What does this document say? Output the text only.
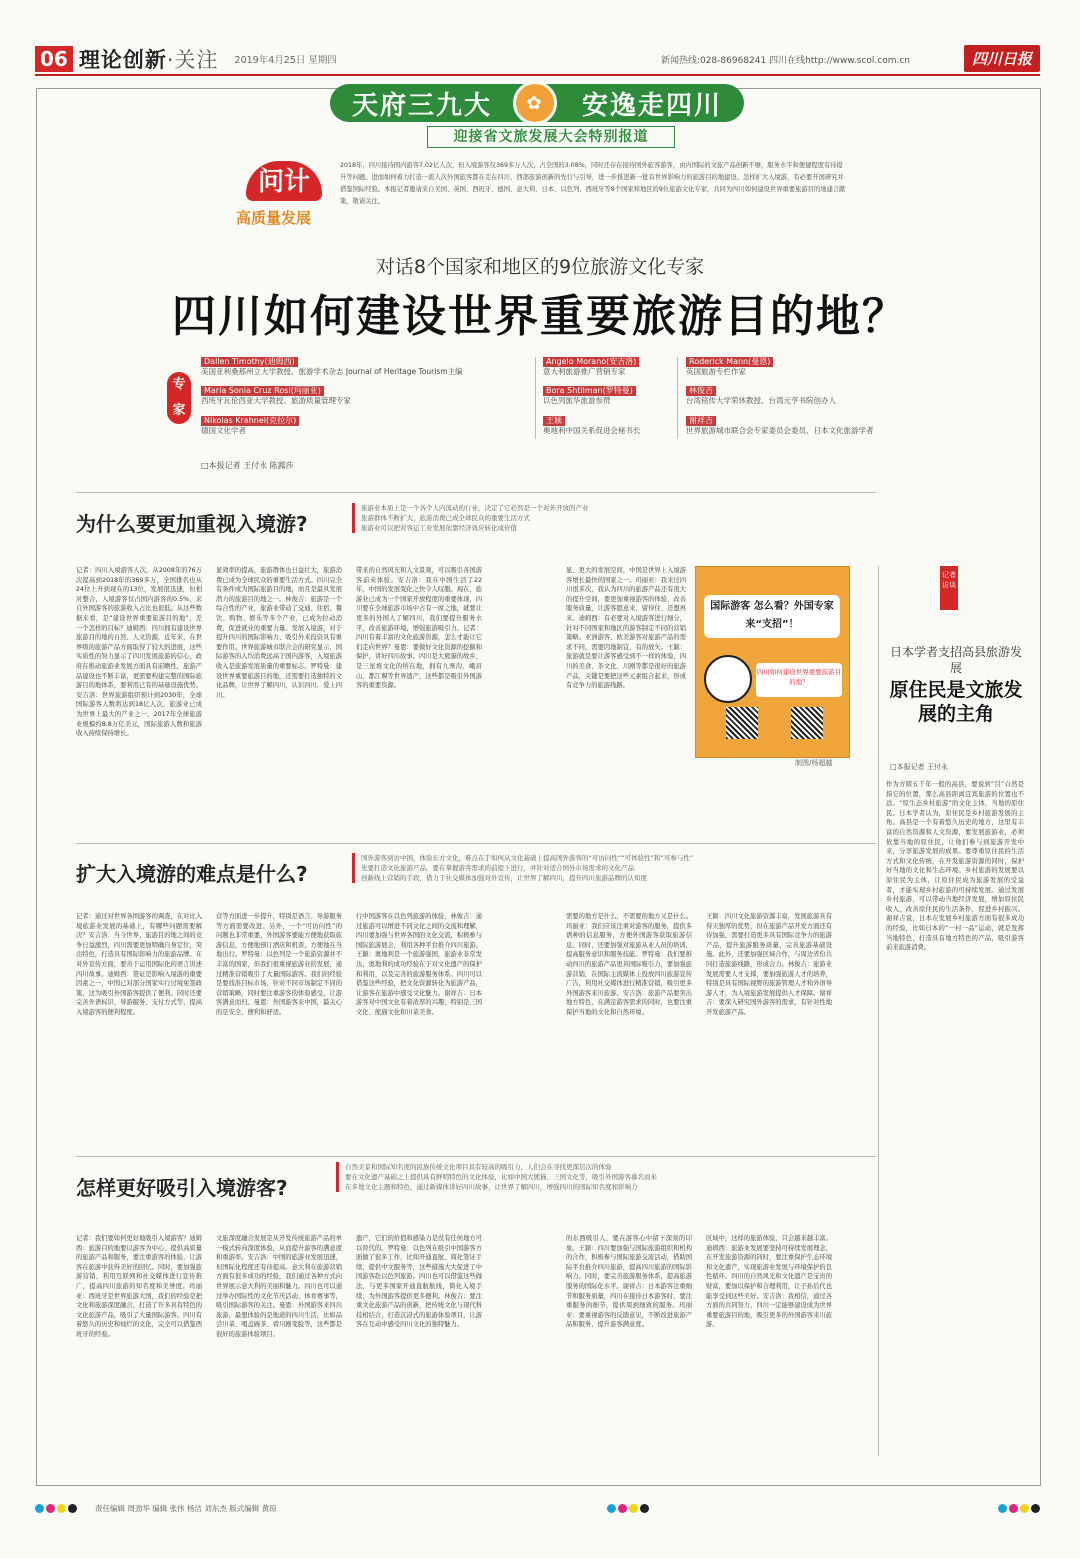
06 理论创新·关注 2019年4月25日 星期四	新闻热线:028-86968241 四川在线http://www.scol.com.cn	四川日报
天府三九大	✿	安逸走四川
迎接省文旅发展大会特别报道
问计
高质量发展
2018年，四川接待国内游客7.02亿人次，但入境游客仅369多万人次，占全国的3.08%，同时还存在接待国外旅客游客，由内国际的文旅产品创新不够，服务水平和便捷程度有待提升等问题。进而如何着力打造一流人次外国旅客都在走在四川、西部旅游创新的先行与引导，进一步推进新一批有世界影响力的旅游目的地建设。怎样扩大入境游，有必要开展研究并借鉴国际经验。本报记者邀请来自美国、英国、西班牙、德国、意大利、日本、以色列、西班牙等8个国家和地区的9位旅游文化专家，共同为四川如何建设世界重要旅游目的地建言献策，敬请关注。
对话8个国家和地区的9位旅游文化专家
四川如何建设世界重要旅游目的地？
专家
Dallen Timothy(迪姆西)
美国亚利桑那州立大学教授、旅游学术杂志 Journal of Heritage Tourism主编
Maria Sonia Cruz Rosi(玛丽亚)
西班牙瓦伦西亚大学教授、旅游质量管理专家
Nikolas Krahnel(克拉尔)
德国文化学者
Angelo Morano(安吉洛)
意大利旅游推广营销专家
Bora Shtilman(罗特曼)
以色列旅华旅游参赞
王颖
奥地利中国关系促进会秘书长
Roderick Mann(曼恩)
英国旅游专栏作家
林俊吉
台湾铭传大学荣休教授、台湾元亨书院创办人
谢祥吉
世界旅游城市联合会专家委员会委员、日本文化旅游学者
□本报记者 王付永 陈露莎
为什么要更加重视入境游?
旅游业本质上是一个各个人内流动的行业，决定了它必然是一个对外开放的产业
旅游群体不断扩大，旅游消费已成全球民众的重要生活方式
旅游业可以把对客运工业发展依靠经济效应转化成价值
记者：四川入境游客人次，从2008年的76万次提高到2018年的369多万，全国排名也从24位上升到现在的13位，发展很迅速，但相对整合，入境游客仅占国内游客的0.5%，来自外国游客的旅游收入占比也很低。从这些数据来看，是“建设世界重要旅游目的地”，差一个怎样的目标？迪姆西：四川拥有建设世界旅游目的地的自然、人文资源，近年来，在世界级的旅游产品方面取得了较大的进展，这些实质性的努力显示了四川发展旅游的信心，政府在推动旅游业发展方面具有前瞻性，旅游产品建设也不断丰富，更需要构建完整的国际旅游目的地体系，要利用已有的基础设施优势。安吉洛：世界旅游组织预计到2030年，全球国际游客人数将达到18亿人次，旅游业已成为世界上最大的产业之一，2017年全球旅游业规模约8.8万亿美元，国际旅游人数和旅游收入持续保持增长。
显效率的提高，旅游群体也日益壮大，旅游消费已成为全球民众的重要生活方式。四川完全有条件成为国际旅游目的地，而且是最具发展潜力的旅游目的地之一。林俊吉：旅游是一个综合性的产业，旅游业带动了交通、住宿、餐饮、购物、娱乐等多个产业，已成为拉动消费、促进就业的重要力量。发展入境游，对于提升四川的国际影响力、吸引外来投资具有重要作用。世界旅游城市联合会的研究显示，国际游客的人均消费远高于国内游客，入境旅游收入是旅游发展质量的重要标志。罗特曼：建设世界重要旅游目的地，还需要打造独特的文化品牌，让世界了解四川，认识四川，爱上四川。
带来的自然风光和人文景观，可以吸引各国游客前来体验。安吉洛：我在中国生活了22年，中国的发展变化之快令人叹服。现在，旅游业已成为一个国家开放程度的重要体现，四川要在全球旅游市场中占有一席之地，就要让更多的外国人了解四川，我们要提升服务水平，改善旅游环境，增强旅游吸引力。记者：四川有着丰富的文化旅游资源，怎么才能让它们走向世界？曼恩：要做好文化资源的挖掘和保护，讲好四川故事。四川是大熊猫的故乡，是三星堆文化的所在地，拥有九寨沟、峨眉山、都江堰等世界遗产，这些都是吸引外国游客的重要资源。
显、更大的发展空间，中国是世界上入境游客增长最快的国家之一。玛丽亚：我来过四川很多次，我认为四川的旅游产品还有很大的提升空间，要更加重视游客的体验，改善服务质量，让游客愿意来、留得住、还想再来。迪姆西：有必要对入境游客进行细分，针对不同国家和地区的游客制定不同的营销策略。亚洲游客、欧美游客对旅游产品的需求不同，需要因地制宜，有的放矢。王颖：旅游就是要让游客感受到不一样的体验，四川的美食、茶文化、川剧等都是很好的旅游产品，关键是要把这些元素组合起来，形成有竞争力的旅游线路。
国际游客 怎么看？外国专家来“支招”！
四川如何建设世界重要旅游目的地？
制图/杨超越
扩大入境游的难点是什么?
国外游客到访中国，体验东方文化，难点在于如何从文化基础上提高国外游客的“可访问性”“可体验性”和“可参与性”
先要打造文化旅游产品，要在掌握游客需求的前提下进行，并针对适合国外市场需求的文化产品
创新线上营销的手段，借力于社交媒体加强对外宣传，让世界了解四川，提升四川旅游品牌的认知度
记者：通过对世界各国游客的调查，在对比入境旅游业发展的基础上，有哪些问题需要解决？安吉洛：当今世界，旅游目的地之间的竞争日益激烈，四川需要更加明确自身定位，突出特色，打造具有国际影响力的旅游品牌。在对外宣传方面，要善于运用国际化的语言讲述四川故事。迪姆西：签证是影响入境游的重要因素之一，中国已对部分国家实行过境免签政策，这为吸引外国游客提供了便利。同时还要完善外语标识、导游服务、支付方式等，提高入境游客的便利程度。
营等方面进一步提升，特别是语言、导游服务等方面需要改进。另外，一个“可访问性”的问题也非常重要，外国游客要能方便地获取旅游信息，方便地预订酒店和机票，方便地在当地出行。罗特曼：以色列是一个旅游资源并不丰富的国家，但我们很重视旅游业的发展，通过精准营销吸引了大量国际游客。我们的经验是要找准目标市场，针对不同市场制定不同的营销策略，同时要注重游客的体验感受，让游客满意而归。曼恩：外国游客来中国，最关心的是安全、便利和舒适。
行中国游客在以色列旅游的体验，林俊吉：通过旅游可以增进不同文化之间的交流和理解，四川要加强与世界各国的文化交流，积极参与国际旅游展会，利用各种平台推介四川旅游。王颖：奥地利是一个旅游强国，旅游业非常发达，奥地利的成功经验在于对文化遗产的保护和利用，以及完善的旅游服务体系。四川可以借鉴这些经验，把文化资源转化为旅游产品，让游客在旅游中感受文化魅力。谢祥吉：日本游客对中国文化有着浓厚的兴趣，特别是三国文化、熊猫文化和川菜美食。
需要的地方是什么，不需要的地方又是什么。玛丽亚：我们应该注重对游客的服务，提供多语种的信息服务，方便外国游客获取旅游信息。同时，还要加强对旅游从业人员的培训，提高服务意识和服务技能。罗特曼：我们要推动四川的旅游产品更具国际吸引力，要加强旅游营销，在国际主流媒体上投放四川旅游宣传广告，利用社交媒体进行精准营销，吸引更多外国游客来川旅游。安吉洛：旅游产品要突出地方特色，在满足游客需求的同时，也要注重保护当地的文化和自然环境。
王颖：四川文化旅游资源丰富，发展旅游具有得天独厚的优势，但在旅游产品开发方面还有待加强，需要打造更多具有国际竞争力的旅游产品，提升旅游服务质量，完善旅游基础设施。此外，还要加强区域合作，与周边省份共同打造旅游线路，形成合力。林俊吉：旅游业发展需要人才支撑，要加强旅游人才的培养，特别是具有国际视野的旅游管理人才和外语导游人才，为入境旅游发展提供人才保障。谢祥吉：要深入研究国外游客的需求，有针对性地开发旅游产品。
怎样更好吸引入境游客?
自然美景和国际知名度的民族传统文化项目具有较高的吸引力，人们会在寻找更深层次的体验
要在文化遗产基础之上提供具有鲜明特色的文化体验，比如中国大熊猫、三国文化等，吸引外国游客慕名而来
在多地文化主题和特色，通过新媒体讲好四川故事，让世界了解四川，增强四川的国际知名度和影响力
记者：我们要如何更好地吸引入境游客？迪姆西：旅游目的地要以游客为中心，提供高质量的旅游产品和服务，要注重游客的体验，让游客在旅游中获得美好的回忆。同时，要加强旅游营销，利用互联网和社交媒体进行宣传推广，提高四川旅游的知名度和美誉度。玛丽亚：西班牙是世界旅游大国，我们的经验是把文化和旅游深度融合，打造了许多具有特色的文化旅游产品，吸引了大量国际游客。四川有着悠久的历史和灿烂的文化，完全可以借鉴西班牙的经验。
文旅深度融合发展是从开发传统旅游产品的单一模式转向深度体验，从而提升游客的满意度和重游率。安吉洛：中国的旅游业发展迅速，但国际化程度还有待提高。意大利在旅游营销方面有很多成功的经验，我们通过各种方式向世界展示意大利的美丽和魅力。四川也可以通过举办国际性的文化节庆活动、体育赛事等，吸引国际游客的关注。曼恩：外国游客来四川旅游，最想体验的是地道的四川生活，比如品尝川菜、喝盖碗茶、看川剧变脸等，这些都是很好的旅游体验项目。
遗产，它们的价值和感染力是没有任何地方可以替代的。罗特曼：以色列在吸引中国游客方面做了很多工作，比如开通直航、简化签证手续、提供中文服务等，这些措施大大促进了中国游客赴以色列旅游。四川也可以借鉴这些做法，与更多国家开通直航航线，简化入境手续，为外国游客提供更多便利。林俊吉：要注重文化旅游产品的创新，把传统文化与现代科技相结合，打造沉浸式的旅游体验项目，让游客在互动中感受四川文化的独特魅力。
的东西吸引人，要在游客心中留下深刻的印象。王颖：四川要加强与国际旅游组织和机构的合作，积极参与国际旅游交流活动，借助国际平台推介四川旅游，提高四川旅游的国际影响力。同时，要完善旅游服务体系，提高旅游服务的国际化水平。谢祥吉：日本游客注重细节和服务质量，四川在接待日本游客时，要注重服务的细节，提供周到细致的服务。玛丽亚：要重视游客的反馈意见，不断改进旅游产品和服务，提升游客满意度。
区域中，这样的旅游体验，只会越来越丰富。迪姆西：旅游业发展要坚持可持续发展理念，在开发旅游资源的同时，要注重保护生态环境和文化遗产，实现旅游业发展与环境保护的良性循环。四川的自然风光和文化遗产是宝贵的财富，要加以保护和合理利用，让子孙后代也能享受到这些美好。安吉洛：我相信，通过各方面的共同努力，四川一定能够建设成为世界重要旅游目的地，吸引更多的外国游客来川旅游。
记者访谈
日本学者支招高县旅游发展
原住民是文旅发展的主角
□本报记者 王付永
作为方圆五千年一般的高县，要说到“目”自然是指它的位置，那么高县距离宜宾旅游的位置也不远。“原生态乡村旅游”的文化主体，当地的原住民。日本学者认为，原住民是乡村旅游发展的主角。高县是一个有着悠久历史的地方，这里有丰富的自然资源和人文资源，要发展旅游业，必须依靠当地的原住民，让他们参与到旅游开发中来，分享旅游发展的成果。要尊重原住民的生活方式和文化传统，在开发旅游资源的同时，保护好当地的文化和生态环境。乡村旅游的发展要以原住民为主体，让原住民成为旅游发展的受益者，才能实现乡村旅游的可持续发展。通过发展乡村旅游，可以带动当地经济发展，增加原住民收入，改善原住民的生活条件，促进乡村振兴。谢祥吉说，日本在发展乡村旅游方面有很多成功的经验，比如日本的“一村一品”运动，就是发挥当地特色，打造具有地方特色的产品，吸引游客前来旅游消费。
责任编辑 周劲华 编辑 张伟 杨洁 刘东杰 版式编辑 黄琼
